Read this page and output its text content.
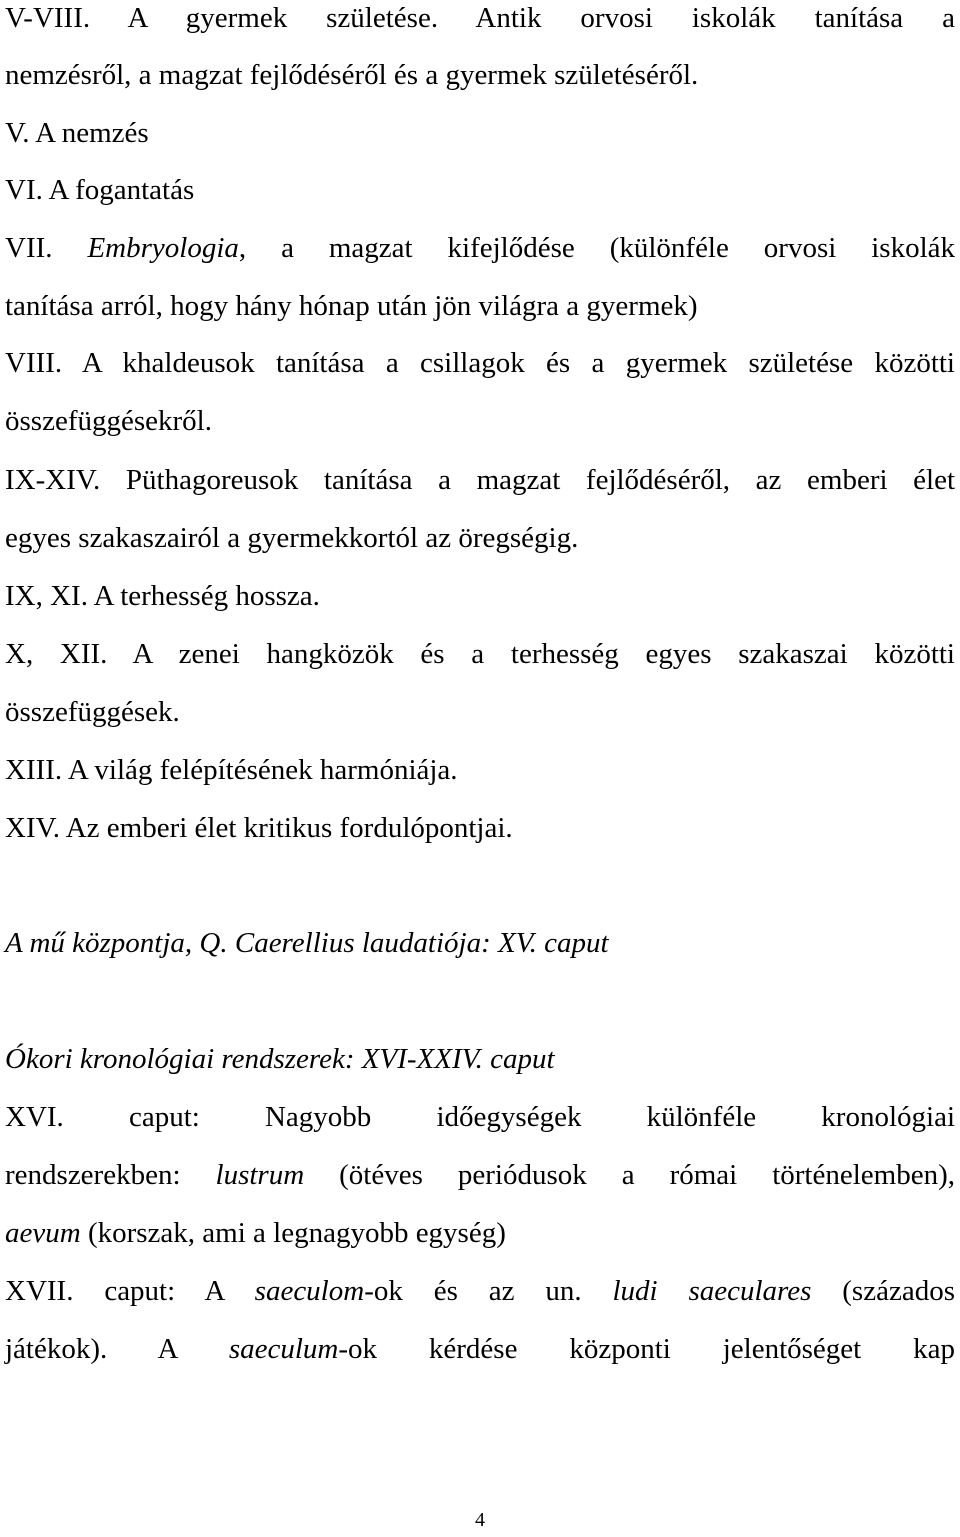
V-VIII. A gyermek születése. Antik orvosi iskolák tanítása a

nemzésről, a magzat fejlődéséről és a gyermek születéséről.

V. A nemzés

VI. A fogantatás

VII. Embryologia, a magzat kifejlődése (különféle orvosi iskolák

tanítása arról, hogy hány hónap után jön világra a gyermek)

VIII. A khaldeusok tanítása a csillagok és a gyermek születése közötti

összefüggésekről.

IX-XIV. Püthagoreusok tanítása a magzat fejlődéséről, az emberi élet

egyes szakaszairól a gyermekkortól az öregségig.

IX, XI. A terhesség hossza.

X, XII. A zenei hangközök és a terhesség egyes szakaszai közötti

összefüggések.

XIII. A világ felépítésének harmóniája.

XIV. Az emberi élet kritikus fordulópontjai.

A mű központja, Q. Caerellius laudatiója: XV. caput

Ókori kronológiai rendszerek: XVI-XXIV. caput

XVI. caput: Nagyobb időegységek különféle kronológiai

rendszerekben: lustrum (ötéves periódusok a római történelemben),

aevum (korszak, ami a legnagyobb egység)

XVII. caput: A saeculom-ok és az un. ludi saeculares (százados

játékok). A saeculum-ok kérdése központi jelentőséget kap

4
